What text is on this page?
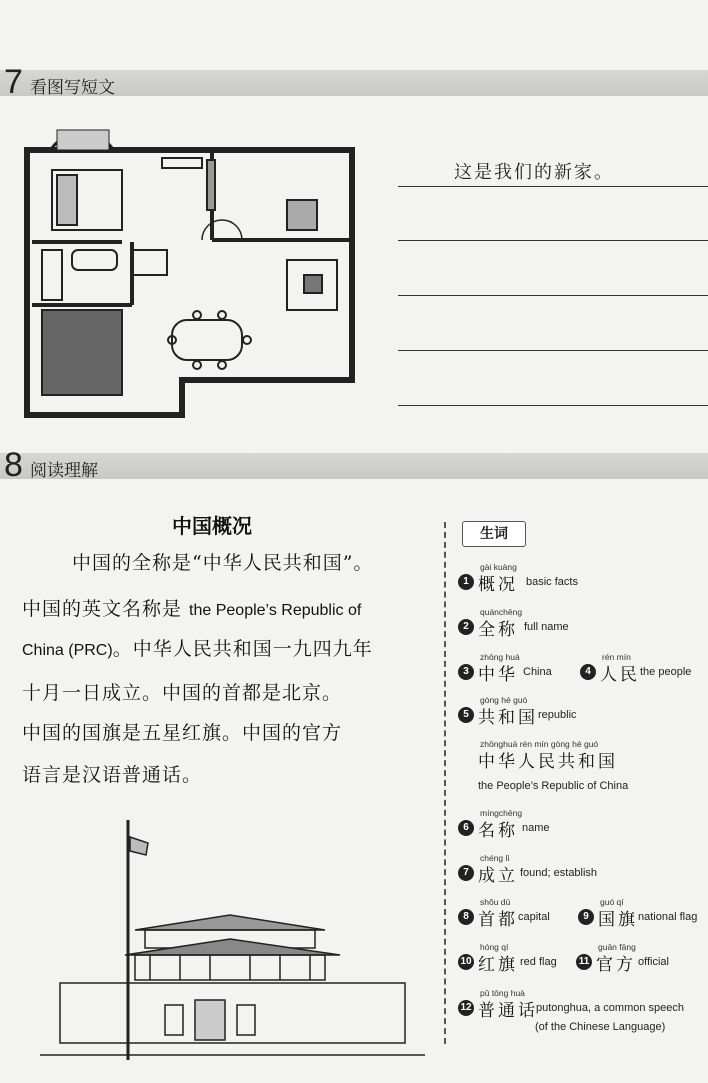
7 看图写短文
这是我们的新家。
8 阅读理解
中国概况
中国的全称是“中华人民共和国”。
中国的英文名称是 the People’s Republic of
China (PRC)。中华人民共和国一九四九年
十月一日成立。中国的首都是北京。
中国的国旗是五星红旗。中国的官方
语言是汉语普通话。
生词
gài kuàng
1 概况 basic facts
quánchēng
2 全称 full name
zhōng huá
3 中华 China
rén mín
4 人民 the people
gòng hé guó
5 共和国 republic
zhōnghuá rén mín gòng hé guó
中华人民共和国
the People’s Republic of China
míngchēng
6 名称 name
chéng lì
7 成立 found; establish
shǒu dū
8 首都 capital
guó qí
9 国旗 national flag
hóng qí
10 红旗 red flag
guān fāng
11 官方 official
pǔ tōng huà
12 普通话
putonghua, a common speech
(of the Chinese Language)
